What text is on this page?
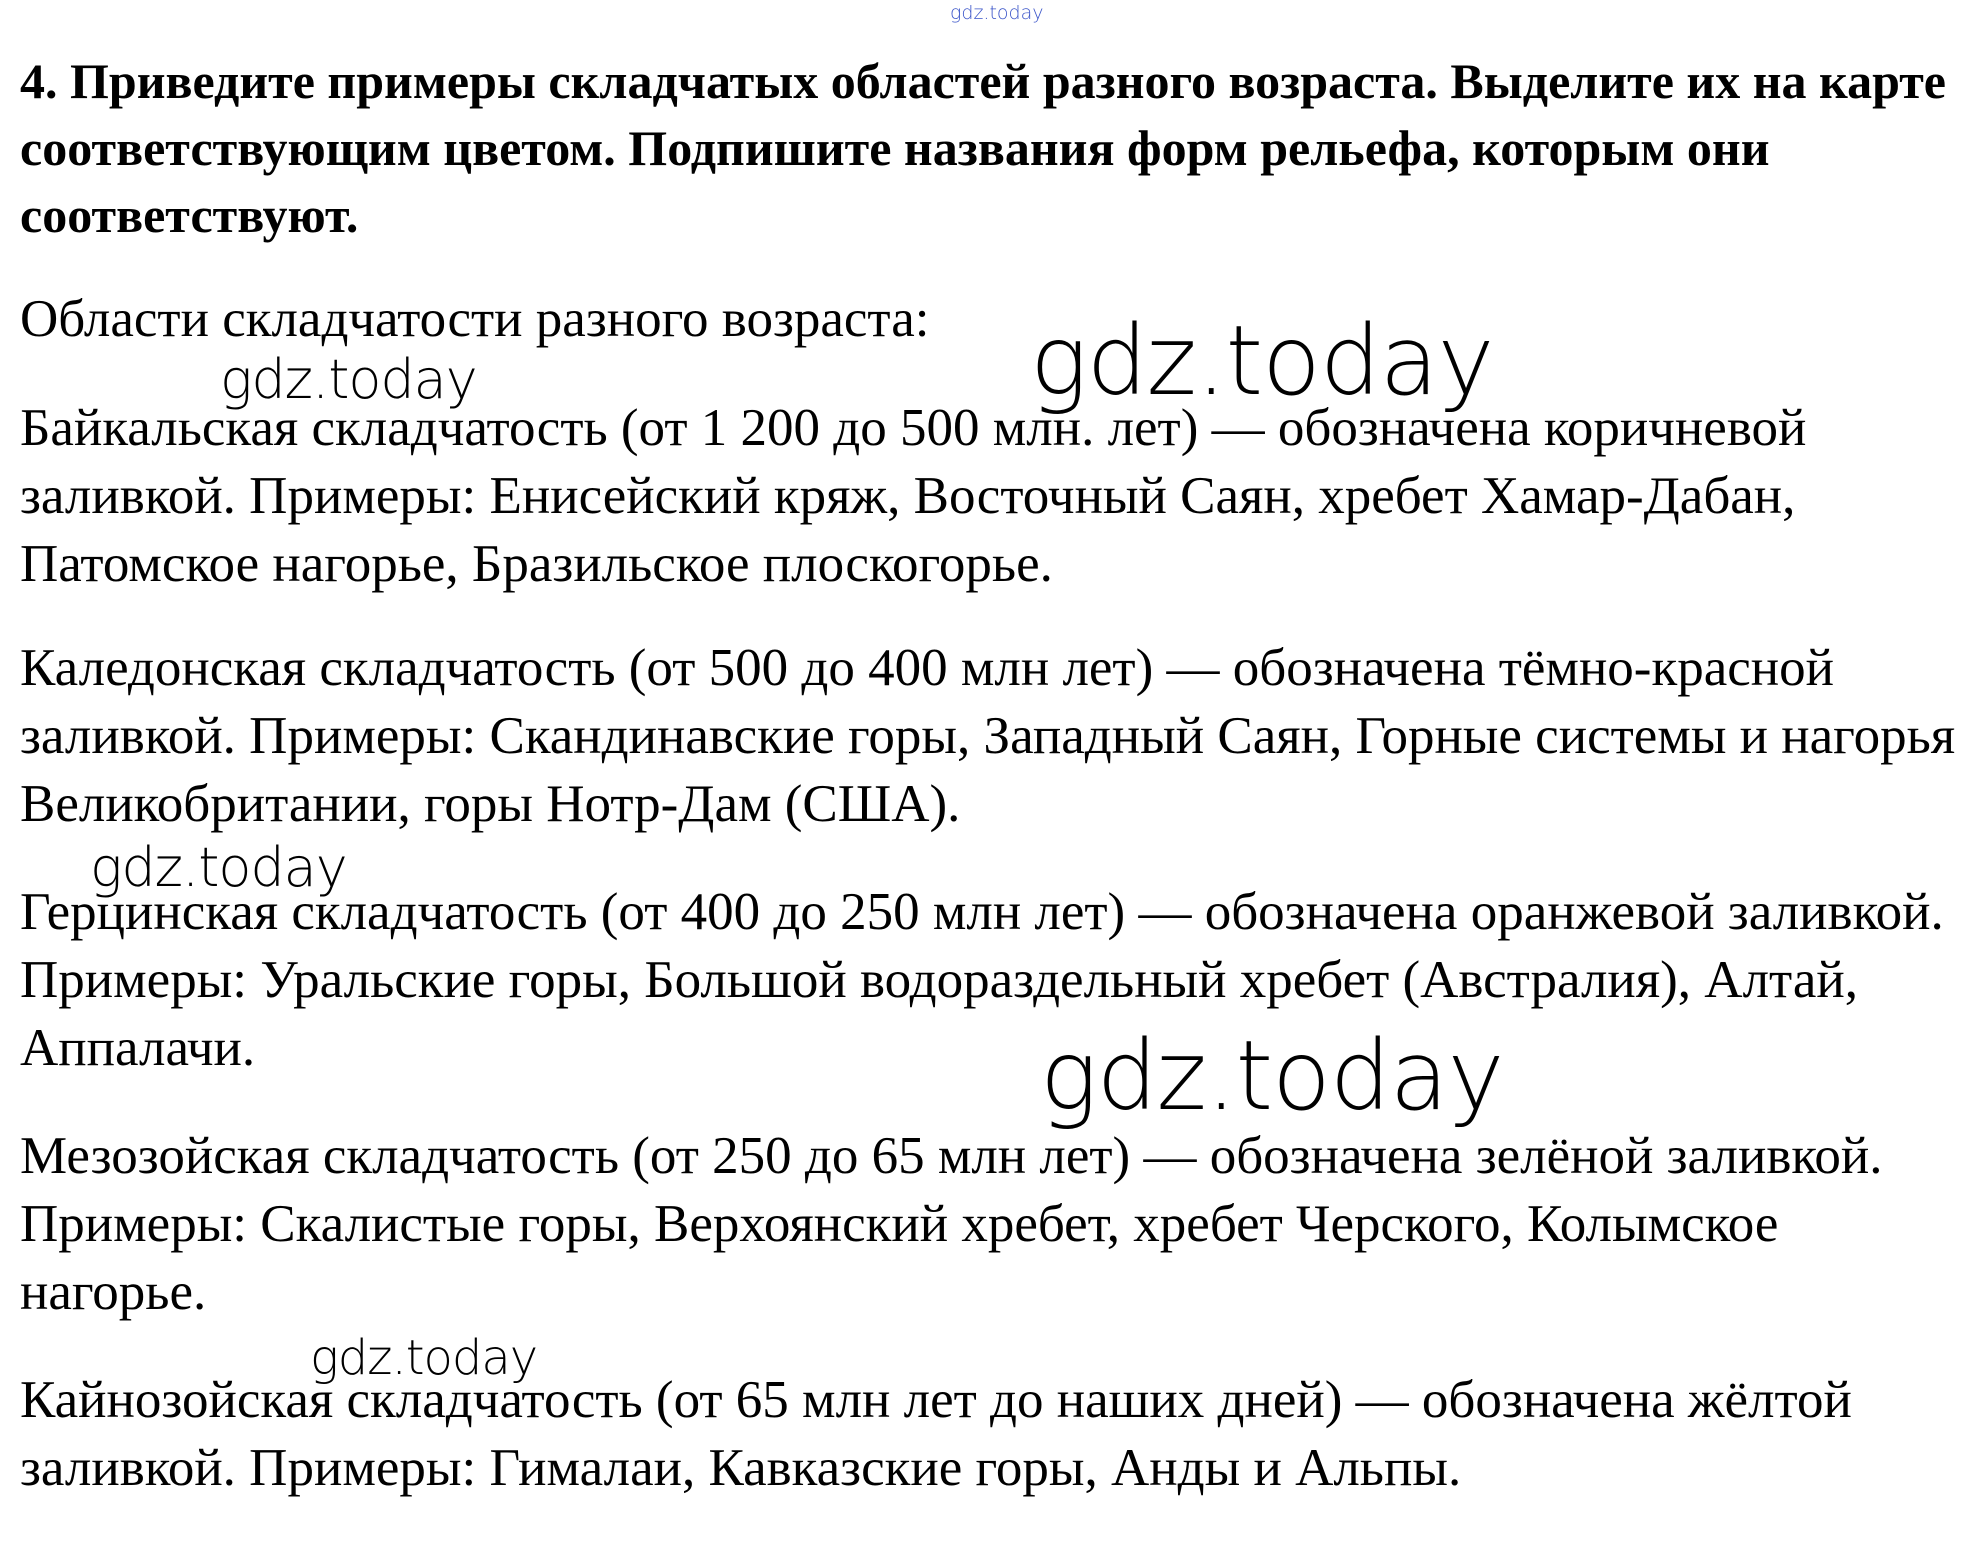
gdz.today

4. Приведите примеры складчатых областей разного возраста. Выделите их на карте соответствующим цветом. Подпишите названия форм рельефа, которым они соответствуют.

Области складчатости разного возраста:

Байкальская складчатость (от 1 200 до 500 млн. лет) — обозначена коричневой заливкой. Примеры: Енисейский кряж, Восточный Саян, хребет Хамар-Дабан, Патомское нагорье, Бразильское плоскогорье.

Каледонская складчатость (от 500 до 400 млн лет) — обозначена тёмно-красной заливкой. Примеры: Скандинавские горы, Западный Саян, Горные системы и нагорья Великобритании, горы Нотр-Дам (США).

Герцинская складчатость (от 400 до 250 млн лет) — обозначена оранжевой заливкой. Примеры: Уральские горы, Большой водораздельный хребет (Австралия), Алтай, Аппалачи.

Мезозойская складчатость (от 250 до 65 млн лет) — обозначена зелёной заливкой. Примеры: Скалистые горы, Верхоянский хребет, хребет Черского, Колымское нагорье.

Кайнозойская складчатость (от 65 млн лет до наших дней) — обозначена жёлтой заливкой. Примеры: Гималаи, Кавказские горы, Анды и Альпы.

gdz.today	gdz.today
gdz.today
gdz.today
gdz.today
